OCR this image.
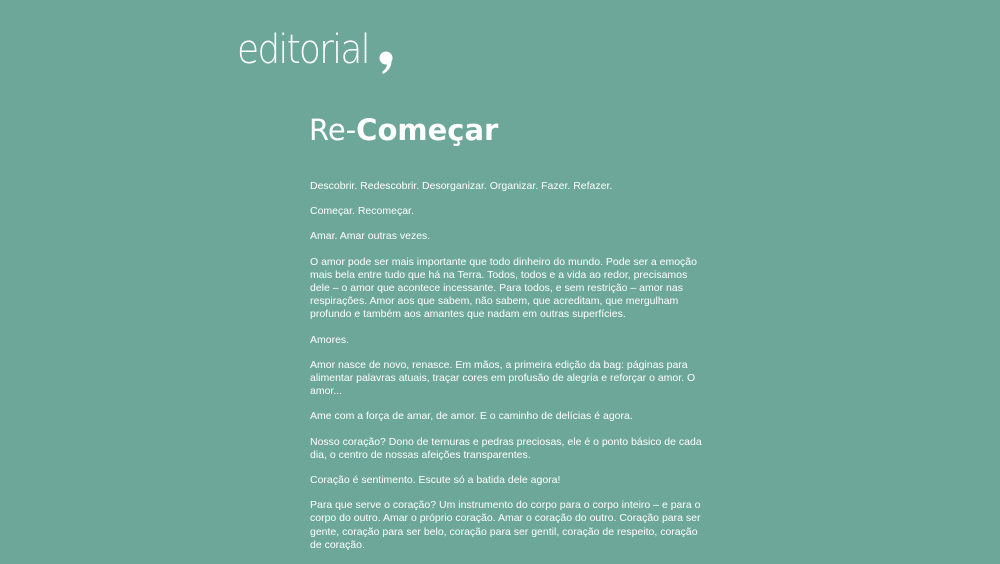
editorial
Re-Começar

Descobrir. Redescobrir. Desorganizar. Organizar. Fazer. Refazer.

Começar. Recomeçar.

Amar. Amar outras vezes.

O amor pode ser mais importante que todo dinheiro do mundo. Pode ser a emoção mais bela entre tudo que há na Terra. Todos, todos e a vida ao redor, precisamos dele – o amor que acontece incessante. Para todos, e sem restrição – amor nas respirações. Amor aos que sabem, não sabem, que acreditam, que mergulham profundo e também aos amantes que nadam em outras superfícies.

Amores.

Amor nasce de novo, renasce. Em mãos, a primeira edição da bag: páginas para alimentar palavras atuais, traçar cores em profusão de alegria e reforçar o amor. O amor...

Ame com a força de amar, de amor. E o caminho de delícias é agora.

Nosso coração? Dono de ternuras e pedras preciosas, ele é o ponto básico de cada dia, o centro de nossas afeições transparentes.

Coração é sentimento. Escute só a batida dele agora!

Para que serve o coração? Um instrumento do corpo para o corpo inteiro – e para o corpo do outro. Amar o próprio coração. Amar o coração do outro. Coração para ser gente, coração para ser belo, coração para ser gentil, coração de respeito, coração de coração.
